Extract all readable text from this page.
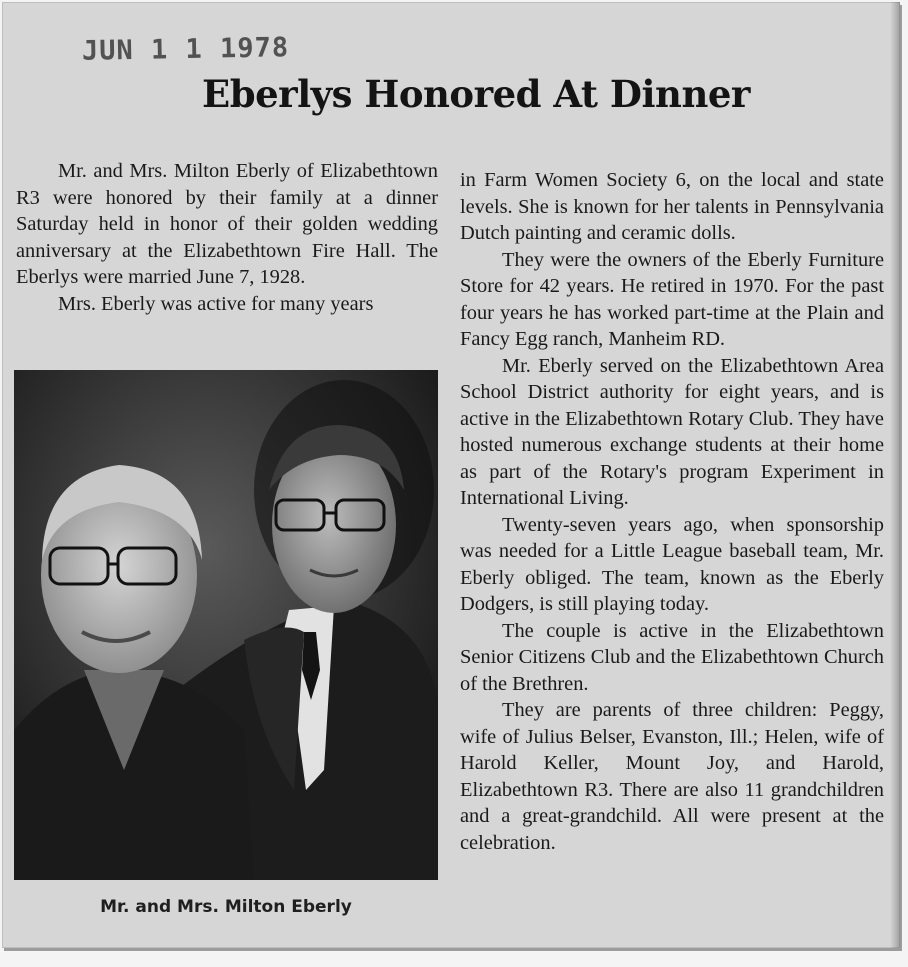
JUN 1 1 1978
Eberlys Honored At Dinner

Mr. and Mrs. Milton Eberly of Elizabethtown R3 were honored by their family at a dinner Saturday held in honor of their golden wedding anniversary at the Elizabethtown Fire Hall. The Eberlys were married June 7, 1928.

Mrs. Eberly was active for many years

Mr. and Mrs. Milton Eberly

in Farm Women Society 6, on the local and state levels. She is known for her talents in Pennsylvania Dutch painting and ceramic dolls.

They were the owners of the Eberly Furniture Store for 42 years. He retired in 1970. For the past four years he has worked part-time at the Plain and Fancy Egg ranch, Manheim RD.

Mr. Eberly served on the Elizabethtown Area School District authority for eight years, and is active in the Elizabethtown Rotary Club. They have hosted numerous exchange students at their home as part of the Rotary's program Experiment in International Living.

Twenty-seven years ago, when sponsorship was needed for a Little League baseball team, Mr. Eberly obliged. The team, known as the Eberly Dodgers, is still playing today.

The couple is active in the Elizabethtown Senior Citizens Club and the Elizabethtown Church of the Brethren.

They are parents of three children: Peggy, wife of Julius Belser, Evanston, Ill.; Helen, wife of Harold Keller, Mount Joy, and Harold, Elizabethtown R3. There are also 11 grandchildren and a great-grandchild. All were present at the celebration.
